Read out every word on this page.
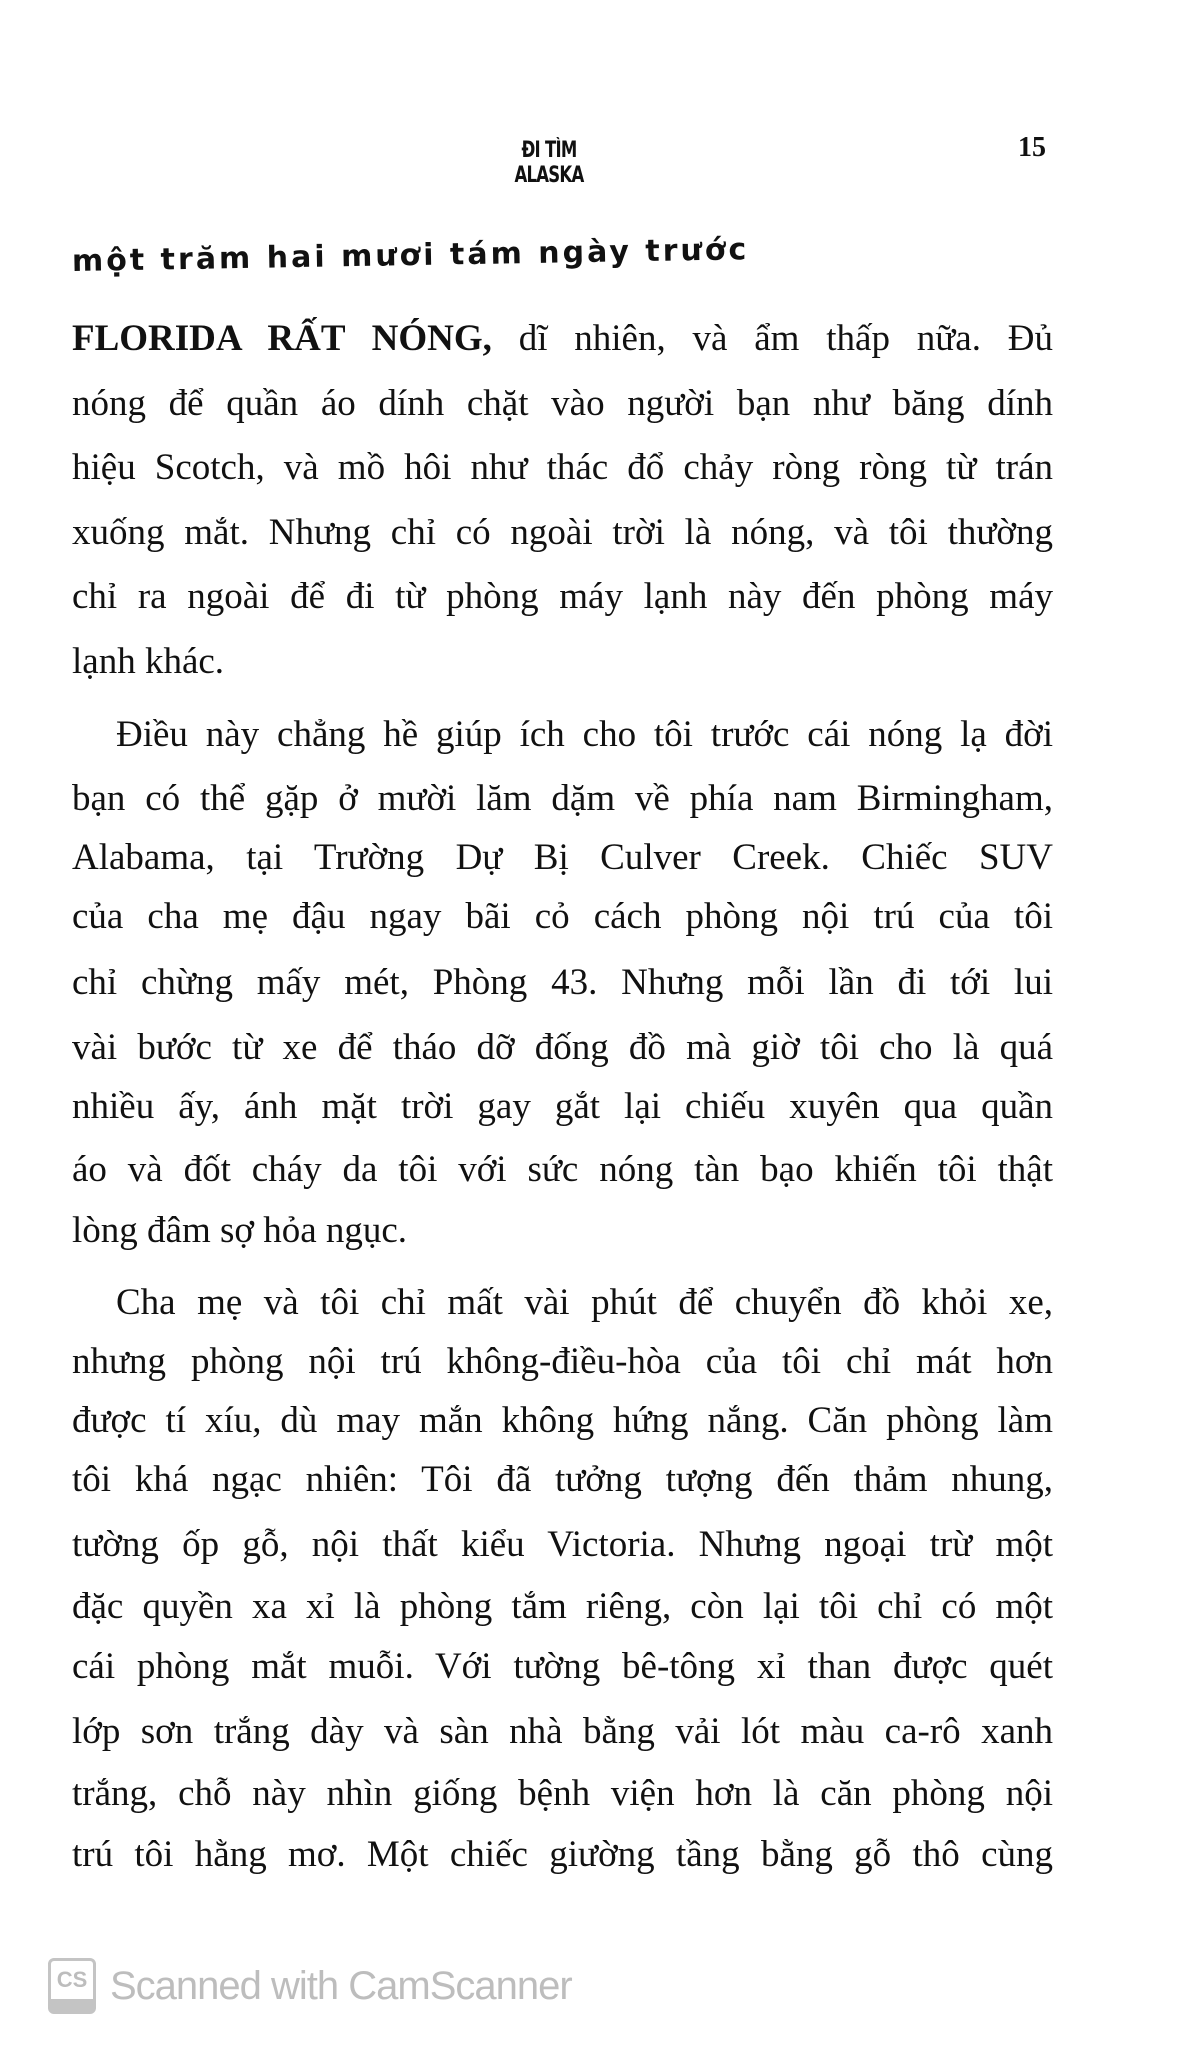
ĐI TÌM ALASKA
15
một trăm hai mươi tám ngày trước
FLORIDA RẤT NÓNG, dĩ nhiên, và ẩm thấp nữa. Đủ
nóng để quần áo dính chặt vào người bạn như băng dính
hiệu Scotch, và mồ hôi như thác đổ chảy ròng ròng từ trán
xuống mắt. Nhưng chỉ có ngoài trời là nóng, và tôi thường
chỉ ra ngoài để đi từ phòng máy lạnh này đến phòng máy
lạnh khác.
Điều này chẳng hề giúp ích cho tôi trước cái nóng lạ đời
bạn có thể gặp ở mười lăm dặm về phía nam Birmingham,
Alabama, tại Trường Dự Bị Culver Creek. Chiếc SUV
của cha mẹ đậu ngay bãi cỏ cách phòng nội trú của tôi
chỉ chừng mấy mét, Phòng 43. Nhưng mỗi lần đi tới lui
vài bước từ xe để tháo dỡ đống đồ mà giờ tôi cho là quá
nhiều ấy, ánh mặt trời gay gắt lại chiếu xuyên qua quần
áo và đốt cháy da tôi với sức nóng tàn bạo khiến tôi thật
lòng đâm sợ hỏa ngục.
Cha mẹ và tôi chỉ mất vài phút để chuyển đồ khỏi xe,
nhưng phòng nội trú không-điều-hòa của tôi chỉ mát hơn
được tí xíu, dù may mắn không hứng nắng. Căn phòng làm
tôi khá ngạc nhiên: Tôi đã tưởng tượng đến thảm nhung,
tường ốp gỗ, nội thất kiểu Victoria. Nhưng ngoại trừ một
đặc quyền xa xỉ là phòng tắm riêng, còn lại tôi chỉ có một
cái phòng mắt muỗi. Với tường bê-tông xỉ than được quét
lớp sơn trắng dày và sàn nhà bằng vải lót màu ca-rô xanh
trắng, chỗ này nhìn giống bệnh viện hơn là căn phòng nội
trú tôi hằng mơ. Một chiếc giường tầng bằng gỗ thô cùng
CS Scanned with CamScanner
